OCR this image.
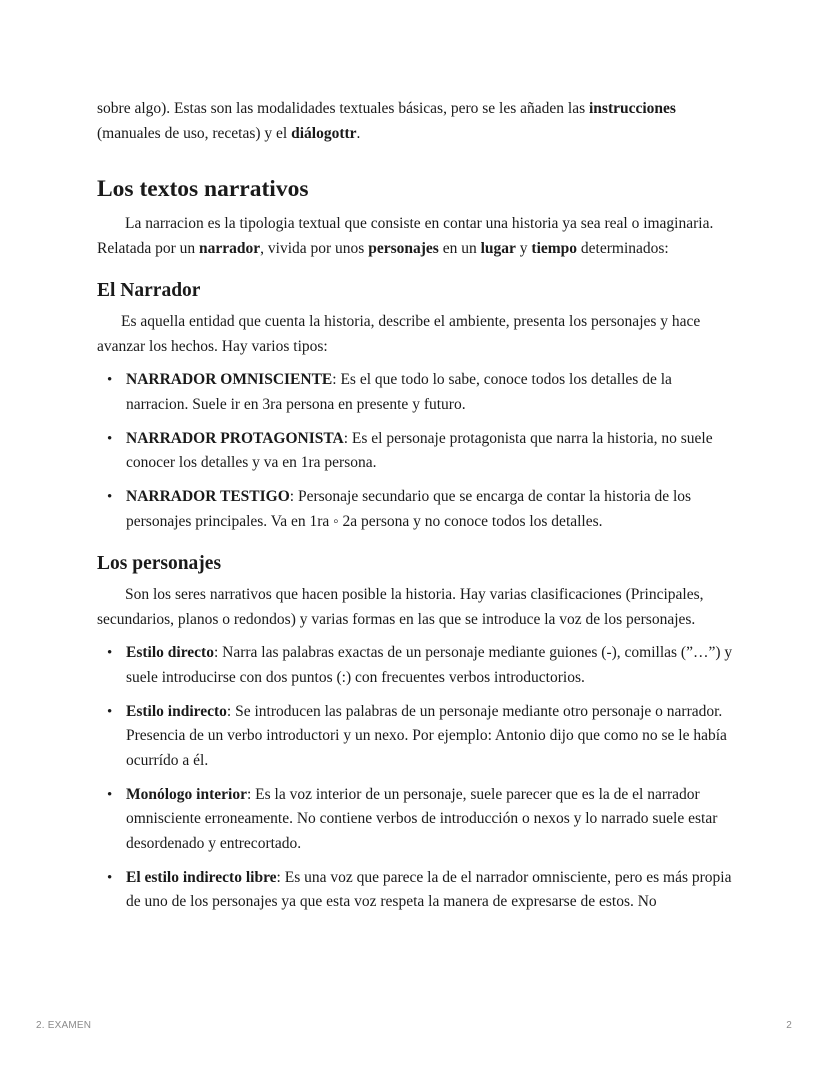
sobre algo). Estas son las modalidades textuales básicas, pero se les añaden las instrucciones (manuales de uso, recetas) y el diálogottr.

Los textos narrativos

La narracion es la tipologia textual que consiste en contar una historia ya sea real o imaginaria. Relatada por un narrador, vivida por unos personajes en un lugar y tiempo determinados:

El Narrador

Es aquella entidad que cuenta la historia, describe el ambiente, presenta los personajes y hace avanzar los hechos. Hay varios tipos:

• NARRADOR OMNISCIENTE: Es el que todo lo sabe, conoce todos los detalles de la narracion. Suele ir en 3ra persona en presente y futuro.
• NARRADOR PROTAGONISTA: Es el personaje protagonista que narra la historia, no suele conocer los detalles y va en 1ra persona.
• NARRADOR TESTIGO: Personaje secundario que se encarga de contar la historia de los personajes principales. Va en 1ra ◦ 2a persona y no conoce todos los detalles.
Los personajes

Son los seres narrativos que hacen posible la historia. Hay varias clasificaciones (Principales, secundarios, planos o redondos) y varias formas en las que se introduce la voz de los personajes.

• Estilo directo: Narra las palabras exactas de un personaje mediante guiones (-), comillas (”…”) y suele introducirse con dos puntos (:) con frecuentes verbos introductorios.
• Estilo indirecto: Se introducen las palabras de un personaje mediante otro personaje o narrador. Presencia de un verbo introductori y un nexo. Por ejemplo: Antonio dijo que como no se le había ocurrído a él.
• Monólogo interior: Es la voz interior de un personaje, suele parecer que es la de el narrador omnisciente erroneamente. No contiene verbos de introducción o nexos y lo narrado suele estar desordenado y entrecortado.
• El estilo indirecto libre: Es una voz que parece la de el narrador omnisciente, pero es más propia de uno de los personajes ya que esta voz respeta la manera de expresarse de estos. No
2. EXAMEN	2
